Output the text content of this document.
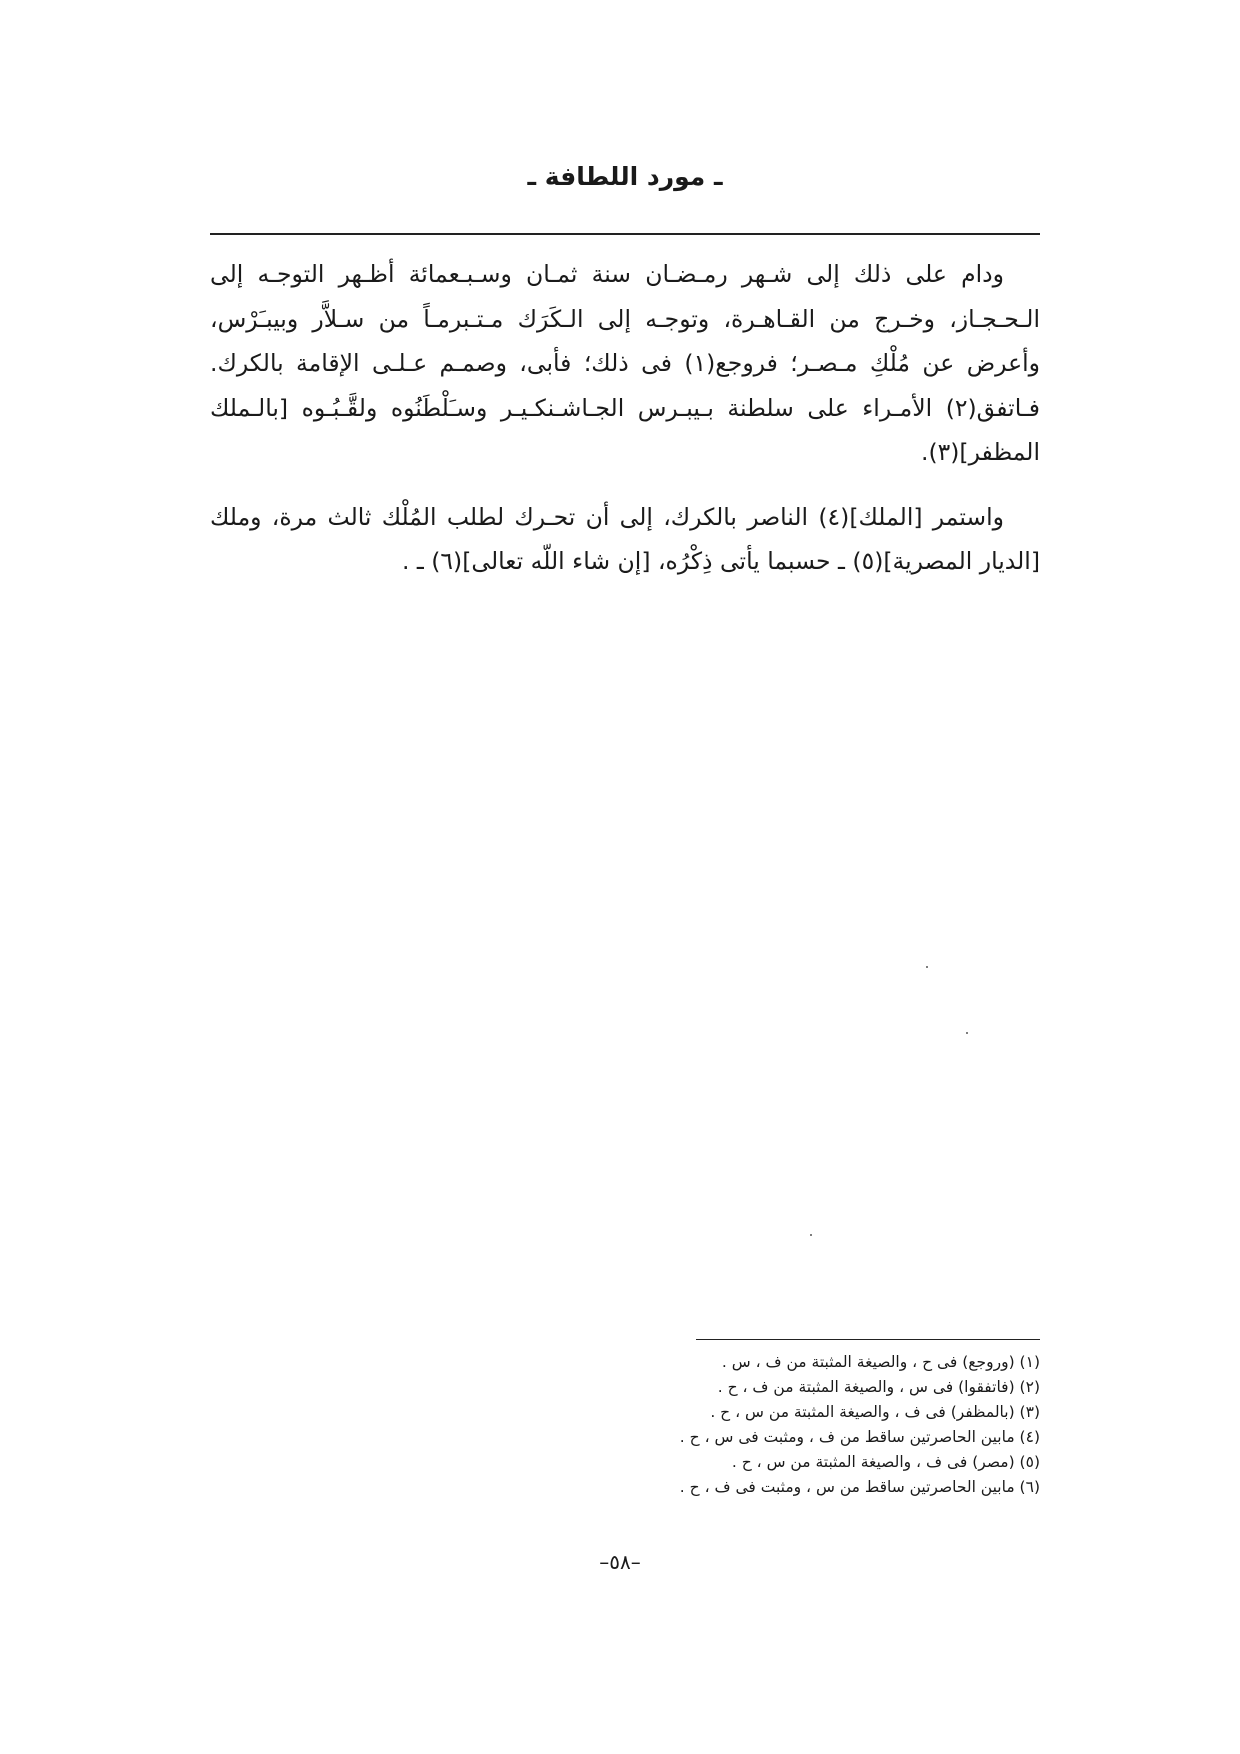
ـ مورد اللطافة ـ

ودام على ذلك إلى شـهر رمـضـان سنة ثمـان وسـبـعمائة أظـهر التوجـه إلى الـحـجـاز، وخـرج من القـاهـرة، وتوجـه إلى الـكَرَك مـتـبرمـاً من سـلاَّر وبيبـَرْس، وأعرض عن مُلْكِ مـصـر؛ فروجع(١) فى ذلك؛ فأبى، وصمـم عـلـى الإقامة بالكرك. فـاتفق(٢) الأمـراء على سلطنة بـيبـرس الجـاشـنكـيـر وسـَلْطَنُوه ولقَّـبُـوه [بالـملك المظفر](٣).

واستمر [الملك](٤) الناصر بالكرك، إلى أن تحـرك لطلب المُلْك ثالث مرة، وملك [الديار المصرية](٥) ـ حسبما يأتى ذِكْرُه، [إن شاء اللّه تعالى](٦) ـ .

(١) (وروجع) فى ح ، والصيغة المثبتة من ف ، س .
(٢) (فاتفقوا) فى س ، والصيغة المثبتة من ف ، ح .
(٣) (بالمظفر) فى ف ، والصيغة المثبتة من س ، ح .
(٤) مابين الحاصرتين ساقط من ف ، ومثبت فى س ، ح .
(٥) (مصر) فى ف ، والصيغة المثبتة من س ، ح .
(٦) مابين الحاصرتين ساقط من س ، ومثبت فى ف ، ح .
–٥٨–
